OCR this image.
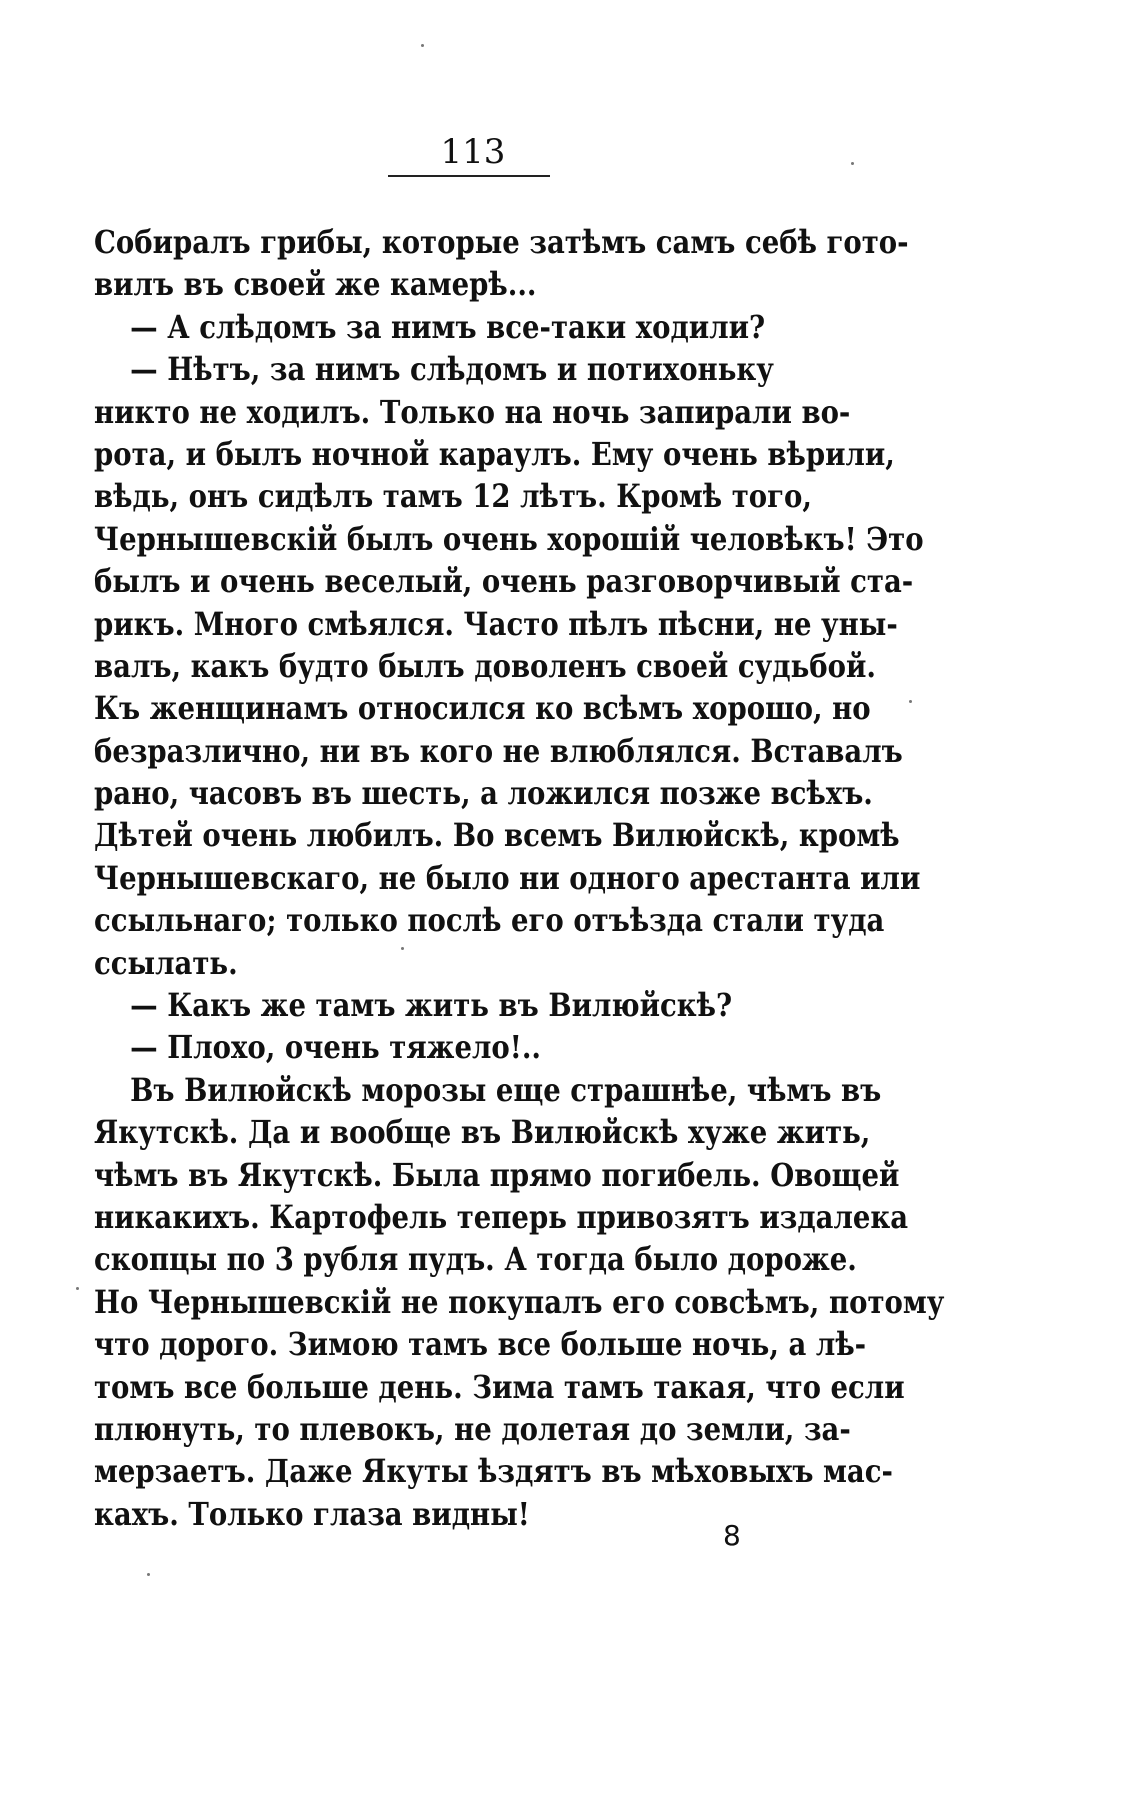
113
Собиралъ грибы, которые затѣмъ самъ себѣ гото-
вилъ въ своей же камерѣ...
— А слѣдомъ за нимъ все-таки ходили?
— Нѣтъ, за нимъ слѣдомъ и потихоньку
никто не ходилъ. Только на ночь запирали во-
рота, и былъ ночной караулъ. Ему очень вѣрили,
вѣдь, онъ сидѣлъ тамъ 12 лѣтъ. Кромѣ того,
Чернышевскій былъ очень хорошій человѣкъ! Это
былъ и очень веселый, очень разговорчивый ста-
рикъ. Много смѣялся. Часто пѣлъ пѣсни, не уны-
валъ, какъ будто былъ доволенъ своей судьбой.
Къ женщинамъ относился ко всѣмъ хорошо, но
безразлично, ни въ кого не влюблялся. Вставалъ
рано, часовъ въ шесть, а ложился позже всѣхъ.
Дѣтей очень любилъ. Во всемъ Вилюйскѣ, кромѣ
Чернышевскаго, не было ни одного арестанта или
ссыльнаго; только послѣ его отъѣзда стали туда
ссылать.
— Какъ же тамъ жить въ Вилюйскѣ?
— Плохо, очень тяжело!..
Въ Вилюйскѣ морозы еще страшнѣе, чѣмъ въ
Якутскѣ. Да и вообще въ Вилюйскѣ хуже жить,
чѣмъ въ Якутскѣ. Была прямо погибель. Овощей
никакихъ. Картофель теперь привозятъ издалека
скопцы по 3 рубля пудъ. А тогда было дороже.
Но Чернышевскій не покупалъ его совсѣмъ, потому
что дорого. Зимою тамъ все больше ночь, а лѣ-
томъ все больше день. Зима тамъ такая, что если
плюнуть, то плевокъ, не долетая до земли, за-
мерзаетъ. Даже Якуты ѣздятъ въ мѣховыхъ мас-
кахъ. Только глаза видны!
8
